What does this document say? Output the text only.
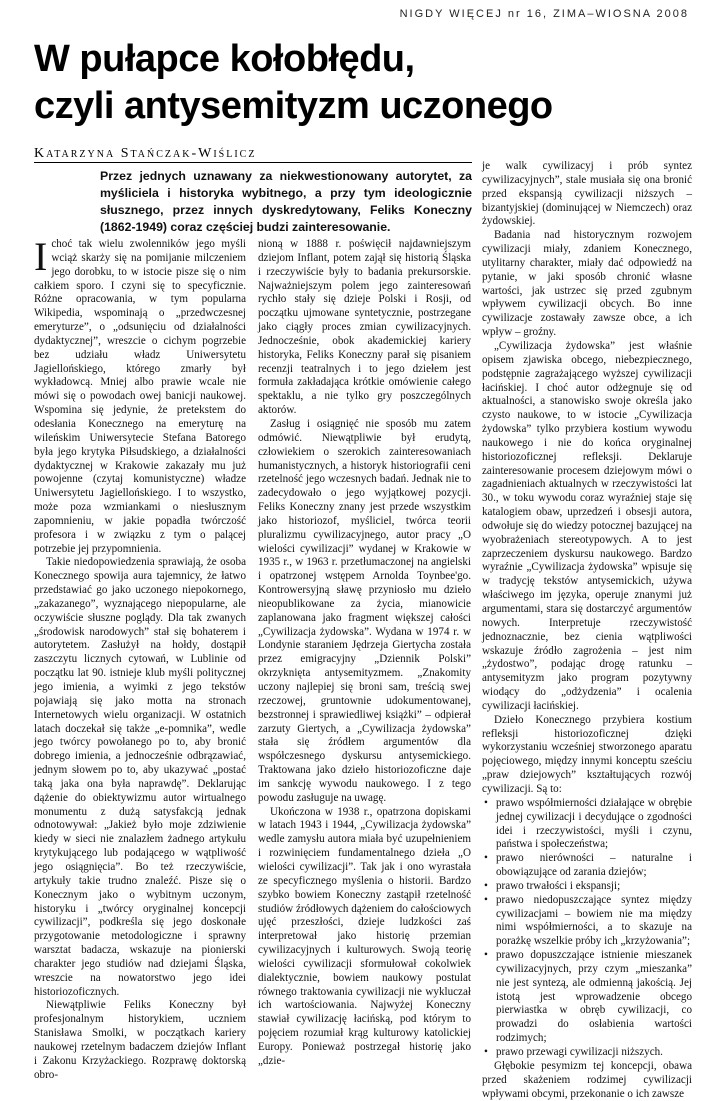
NIGDY WIĘCEJ nr 16, ZIMA–WIOSNA 2008
W pułapce kołobłędu,
czyli antysemityzm uczonego
Katarzyna Stańczak-Wiślicz

Przez jednych uznawany za niekwestionowany autorytet, za myśliciela i historyka wybitnego, a przy tym ideologicznie słusznego, przez innych dyskredytowany, Feliks Koneczny (1862-1949) coraz częściej budzi zainteresowanie.

Ichoć tak wielu zwolenników jego myśli wciąż skarży się na pomijanie milczeniem jego dorobku, to w istocie pisze się o nim całkiem sporo. I czyni się to specyficznie. Różne opracowania, w tym popularna Wikipedia, wspominają o „przedwczesnej emeryturze”, o „odsunięciu od działalności dydaktycznej”, wreszcie o cichym pogrzebie bez udziału władz Uniwersytetu Jagiellońskiego, którego zmarły był wykładowcą. Mniej albo prawie wcale nie mówi się o powodach owej banicji naukowej. Wspomina się jedynie, że pretekstem do odesłania Konecznego na emeryturę na wileńskim Uniwersytecie Stefana Batorego była jego krytyka Piłsudskiego, a działalności dydaktycznej w Krakowie zakazały mu już powojenne (czytaj komunistyczne) władze Uniwersytetu Jagiellońskiego. I to wszystko, może poza wzmiankami o niesłusznym zapomnieniu, w jakie popadła twórczość profesora i w związku z tym o palącej potrzebie jej przypomnienia.

Takie niedopowiedzenia sprawiają, że osoba Konecznego spowija aura tajemnicy, że łatwo przedstawiać go jako uczonego niepokornego, „zakazanego”, wyznającego niepopularne, ale oczywiście słuszne poglądy. Dla tak zwanych „środowisk narodowych” stał się bohaterem i autorytetem. Zasłużył na hołdy, dostąpił zaszczytu licznych cytowań, w Lublinie od początku lat 90. istnieje klub myśli politycznej jego imienia, a wyimki z jego tekstów pojawiają się jako motta na stronach Internetowych wielu organizacji. W ostatnich latach doczekał się także „e-pomnika”, wedle jego twórcy powołanego po to, aby bronić dobrego imienia, a jednocześnie odbrązawiać, jednym słowem po to, aby ukazywać „postać taką jaka ona była naprawdę”. Deklarując dążenie do obiektywizmu autor wirtualnego monumentu z dużą satysfakcją jednak odnotowywał: „Jakież było moje zdziwienie kiedy w sieci nie znalazłem żadnego artykułu krytykującego lub podającego w wątpliwość jego osiągnięcia”. Bo też rzeczywiście, artykuły takie trudno znaleźć. Pisze się o Konecznym jako o wybitnym uczonym, historyku i „twórcy oryginalnej koncepcji cywilizacji”, podkreśla się jego doskonałe przygotowanie metodologiczne i sprawny warsztat badacza, wskazuje na pionierski charakter jego studiów nad dziejami Śląska, wreszcie na nowatorstwo jego idei historiozoficznych.

Niewątpliwie Feliks Koneczny był profesjonalnym historykiem, uczniem Stanisława Smolki, w początkach kariery naukowej rzetelnym badaczem dziejów Inflant i Zakonu Krzyżackiego. Rozprawę doktorską obro-

nioną w 1888 r. poświęcił najdawniejszym dziejom Inflant, potem zajął się historią Śląska i rzeczywiście były to badania prekursorskie. Najważniejszym polem jego zainteresowań rychło stały się dzieje Polski i Rosji, od początku ujmowane syntetycznie, postrzegane jako ciągły proces zmian cywilizacyjnych. Jednocześnie, obok akademickiej kariery historyka, Feliks Koneczny parał się pisaniem recenzji teatralnych i to jego dziełem jest formuła zakładająca krótkie omówienie całego spektaklu, a nie tylko gry poszczególnych aktorów.

Zasług i osiągnięć nie sposób mu zatem odmówić. Niewątpliwie był erudytą, człowiekiem o szerokich zainteresowaniach humanistycznych, a historyk historiografii ceni rzetelność jego wczesnych badań. Jednak nie to zadecydowało o jego wyjątkowej pozycji. Feliks Koneczny znany jest przede wszystkim jako historiozof, myśliciel, twórca teorii pluralizmu cywilizacyjnego, autor pracy „O wielości cywilizacji” wydanej w Krakowie w 1935 r., w 1963 r. przetłumaczonej na angielski i opatrzonej wstępem Arnolda Toynbee'go. Kontrowersyjną sławę przyniosło mu dzieło nieopublikowane za życia, mianowicie zaplanowana jako fragment większej całości „Cywilizacja żydowska”. Wydana w 1974 r. w Londynie staraniem Jędrzeja Giertycha została przez emigracyjny „Dziennik Polski” okrzyknięta antysemityzmem. „Znakomity uczony najlepiej się broni sam, treścią swej rzeczowej, gruntownie udokumentowanej, bezstronnej i sprawiedliwej książki” – odpierał zarzuty Giertych, a „Cywilizacja żydowska” stała się źródłem argumentów dla współczesnego dyskursu antysemickiego. Traktowana jako dzieło historiozoficzne daje im sankcję wywodu naukowego. I z tego powodu zasługuje na uwagę.

Ukończona w 1938 r., opatrzona dopiskami w latach 1943 i 1944, „Cywilizacja żydowska” wedle zamysłu autora miała być uzupełnieniem i rozwinięciem fundamentalnego dzieła „O wielości cywilizacji”. Tak jak i ono wyrastała ze specyficznego myślenia o historii. Bardzo szybko bowiem Koneczny zastąpił rzetelność studiów źródłowych dążeniem do całościowych ujęć przeszłości, dzieje ludzkości zaś interpretował jako historię przemian cywilizacyjnych i kulturowych. Swoją teorię wielości cywilizacji sformułował cokolwiek dialektycznie, bowiem naukowy postulat równego traktowania cywilizacji nie wykluczał ich wartościowania. Najwyżej Koneczny stawiał cywilizację łacińską, pod którym to pojęciem rozumiał krąg kulturowy katolickiej Europy. Ponieważ postrzegał historię jako „dzie-

je walk cywilizacyj i prób syntez cywilizacyjnych”, stale musiała się ona bronić przed ekspansją cywilizacji niższych – bizantyjskiej (dominującej w Niemczech) oraz żydowskiej.

Badania nad historycznym rozwojem cywilizacji miały, zdaniem Konecznego, utylitarny charakter, miały dać odpowiedź na pytanie, w jaki sposób chronić własne wartości, jak ustrzec się przed zgubnym wpływem cywilizacji obcych. Bo inne cywilizacje zostawały zawsze obce, a ich wpływ – groźny.

„Cywilizacja żydowska” jest właśnie opisem zjawiska obcego, niebezpiecznego, podstępnie zagrażającego wyższej cywilizacji łacińskiej. I choć autor odżegnuje się od aktualności, a stanowisko swoje określa jako czysto naukowe, to w istocie „Cywilizacja żydowska” tylko przybiera kostium wywodu naukowego i nie do końca oryginalnej historiozoficznej refleksji. Deklaruje zainteresowanie procesem dziejowym mówi o zagadnieniach aktualnych w rzeczywistości lat 30., w toku wywodu coraz wyraźniej staje się katalogiem obaw, uprzedzeń i obsesji autora, odwołuje się do wiedzy potocznej bazującej na wyobrażeniach stereotypowych. A to jest zaprzeczeniem dyskursu naukowego. Bardzo wyraźnie „Cywilizacja żydowska” wpisuje się w tradycję tekstów antysemickich, używa właściwego im języka, operuje znanymi już argumentami, stara się dostarczyć argumentów nowych. Interpretuje rzeczywistość jednoznacznie, bez cienia wątpliwości wskazuje źródło zagrożenia – jest nim „żydostwo”, podając drogę ratunku – antysemityzm jako program pozytywny wiodący do „odżydzenia” i ocalenia cywilizacji łacińskiej.

Dzieło Konecznego przybiera kostium refleksji historiozoficznej dzięki wykorzystaniu wcześniej stworzonego aparatu pojęciowego, między innymi konceptu sześciu „praw dziejowych” kształtujących rozwój cywilizacji. Są to:

• prawo współmierności działające w obrębie jednej cywilizacji i decydujące o zgodności idei i rzeczywistości, myśli i czynu, państwa i społeczeństwa;
• prawo nierówności – naturalne i obowiązujące od zarania dziejów;
• prawo trwałości i ekspansji;
• prawo niedopuszczające syntez między cywilizacjami – bowiem nie ma między nimi współmierności, a to skazuje na porażkę wszelkie próby ich „krzyżowania”;
• prawo dopuszczające istnienie mieszanek cywilizacyjnych, przy czym „mieszanka” nie jest syntezą, ale odmienną jakością. Jej istotą jest wprowadzenie obcego pierwiastka w obręb cywilizacji, co prowadzi do osłabienia wartości rodzimych;
• prawo przewagi cywilizacji niższych.

Głębokie pesymizm tej koncepcji, obawa przed skażeniem rodzimej cywilizacji wpływami obcymi, przekonanie o ich zawsze
